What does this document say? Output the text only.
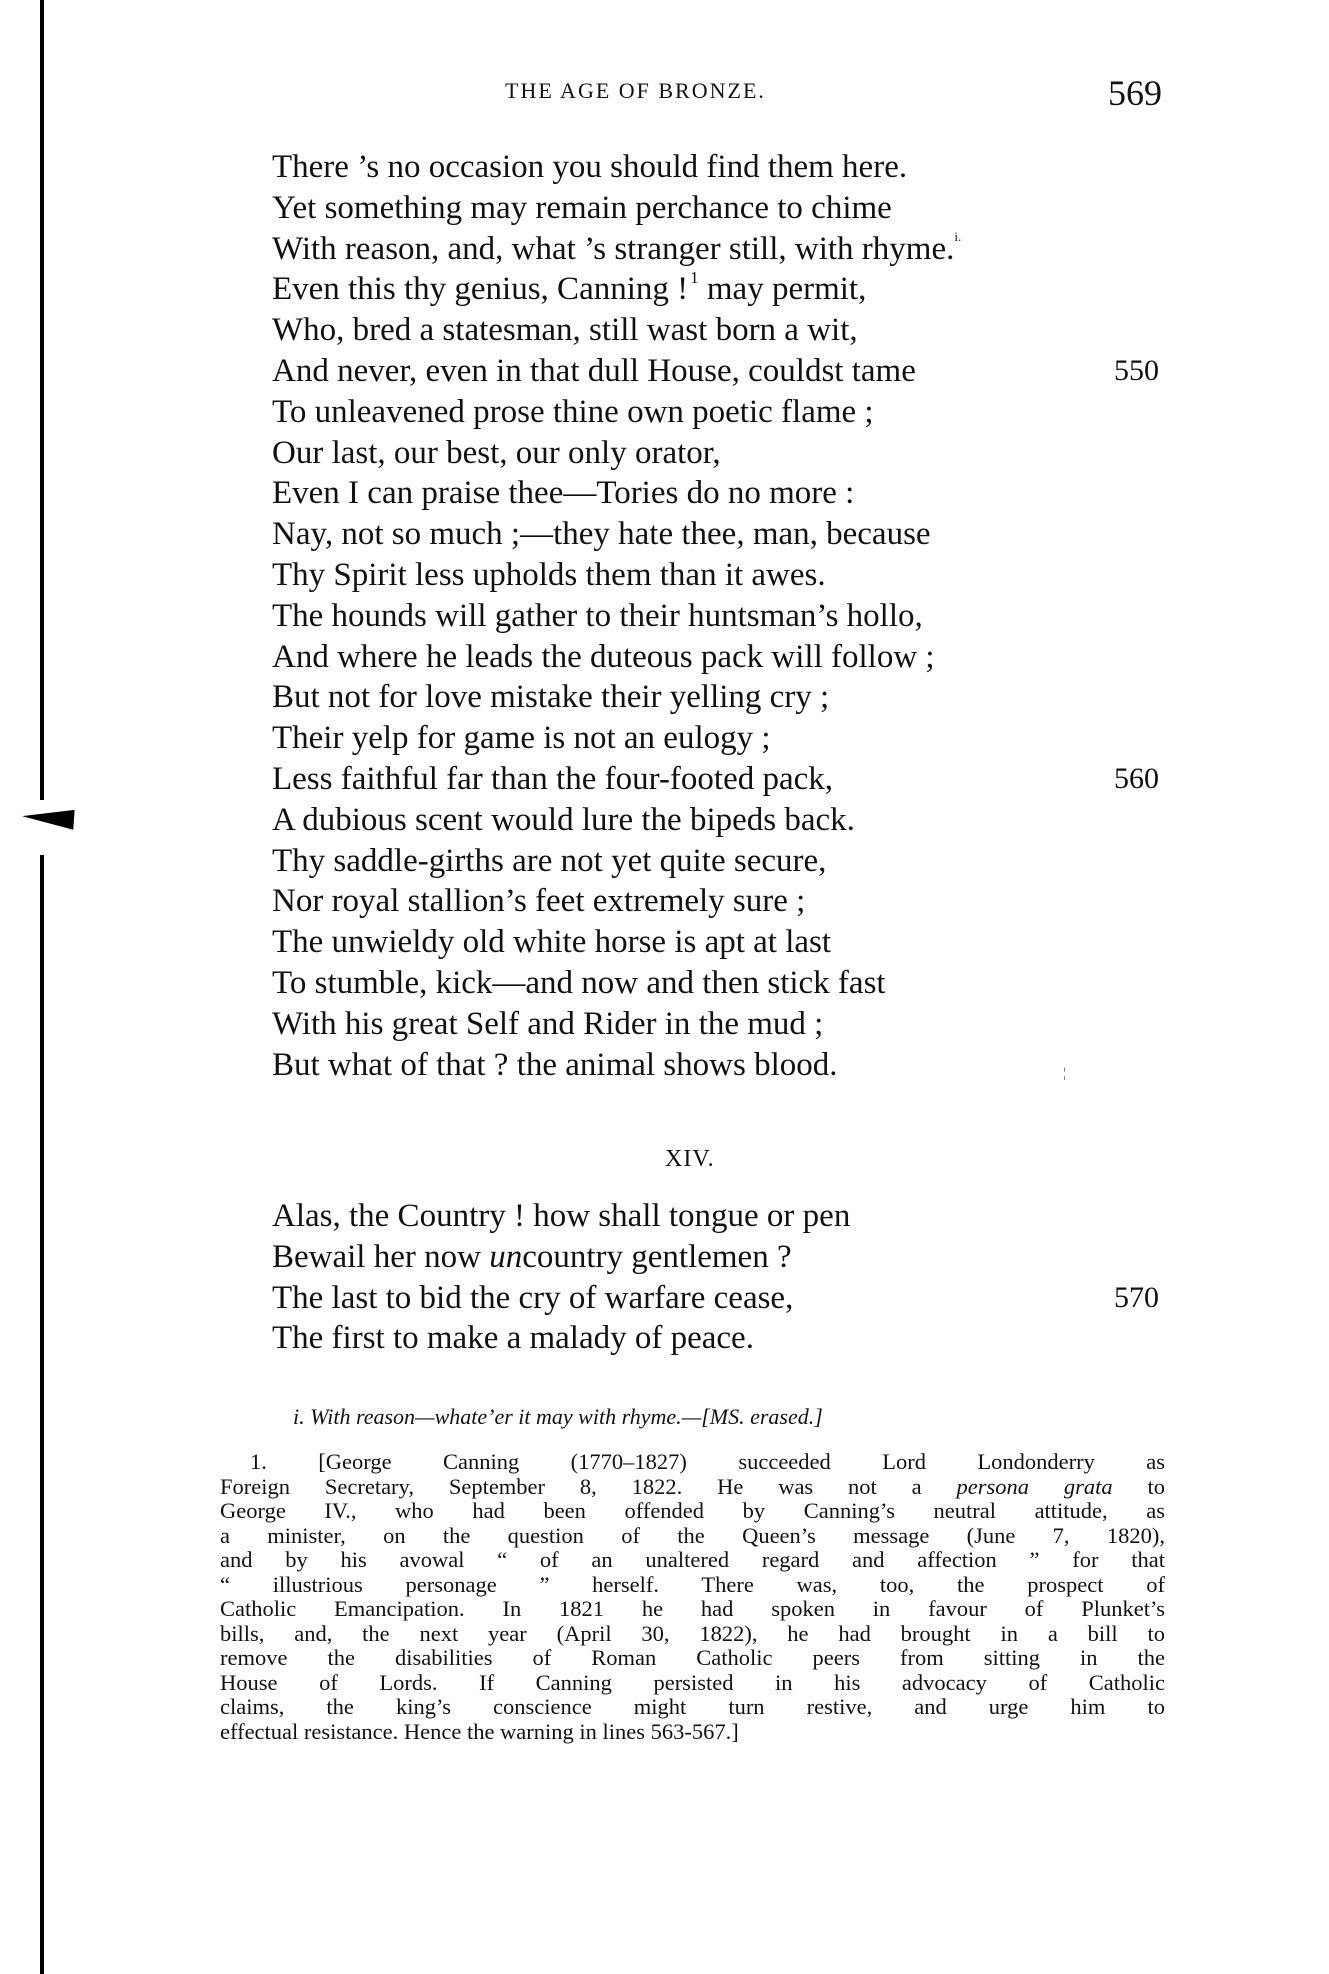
THE AGE OF BRONZE.	569
There ’s no occasion you should find them here.
Yet something may remain perchance to chime
With reason, and, what ’s stranger still, with rhyme.$^{i.}$
Even this thy genius, Canning ! $^1$ may permit,
Who, bred a statesman, still wast born a wit,
And never, even in that dull House, couldst tame	550
To unleavened prose thine own poetic flame ;
Our last, our best, our only orator,
Even I can praise thee—Tories do no more :
Nay, not so much ;—they hate thee, man, because
Thy Spirit less upholds them than it awes.
The hounds will gather to their huntsman’s hollo,
And where he leads the duteous pack will follow ;
But not for love mistake their yelling cry ;
Their yelp for game is not an eulogy ;
Less faithful far than the four-footed pack,	560
A dubious scent would lure the bipeds back.
Thy saddle-girths are not yet quite secure,
Nor royal stallion’s feet extremely sure ;
The unwieldy old white horse is apt at last
To stumble, kick—and now and then stick fast
With his great Self and Rider in the mud ;
But what of that ? the animal shows blood.	¦
XIV.
Alas, the Country ! how shall tongue or pen
Bewail her now uncountry gentlemen ?
The last to bid the cry of warfare cease,	570
The first to make a malady of peace.
i. With reason—whate’er it may with rhyme.—[MS. erased.]
1. [George Canning (1770–1827) succeeded Lord Londonderry as
Foreign Secretary, September 8, 1822. He was not a persona grata to
George IV., who had been offended by Canning’s neutral attitude, as
a minister, on the question of the Queen’s message (June 7, 1820),
and by his avowal “ of an unaltered regard and affection ” for that
“ illustrious personage ” herself. There was, too, the prospect of
Catholic Emancipation. In 1821 he had spoken in favour of Plunket’s
bills, and, the next year (April 30, 1822), he had brought in a bill to
remove the disabilities of Roman Catholic peers from sitting in the
House of Lords. If Canning persisted in his advocacy of Catholic
claims, the king’s conscience might turn restive, and urge him to
effectual resistance. Hence the warning in lines 563-567.]
